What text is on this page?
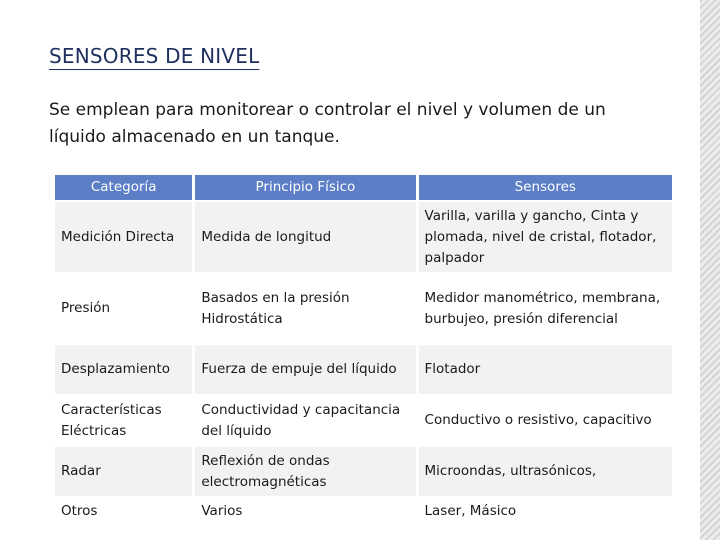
SENSORES DE NIVEL

Se emplean para monitorear o controlar el nivel y volumen de un líquido almacenado en un tanque.

Categoría	Principio Físico	Sensores
Medición Directa	Medida de longitud	Varilla, varilla y gancho, Cinta y plomada, nivel de cristal, flotador, palpador
Presión	Basados en la presión Hidrostática	Medidor manométrico, membrana, burbujeo, presión diferencial
Desplazamiento	Fuerza de empuje del líquido	Flotador
Características Eléctricas	Conductividad y capacitancia del líquido	Conductivo o resistivo, capacitivo
Radar	Reflexión de ondas electromagnéticas	Microondas, ultrasónicos,
Otros	Varios	Laser, Másico
